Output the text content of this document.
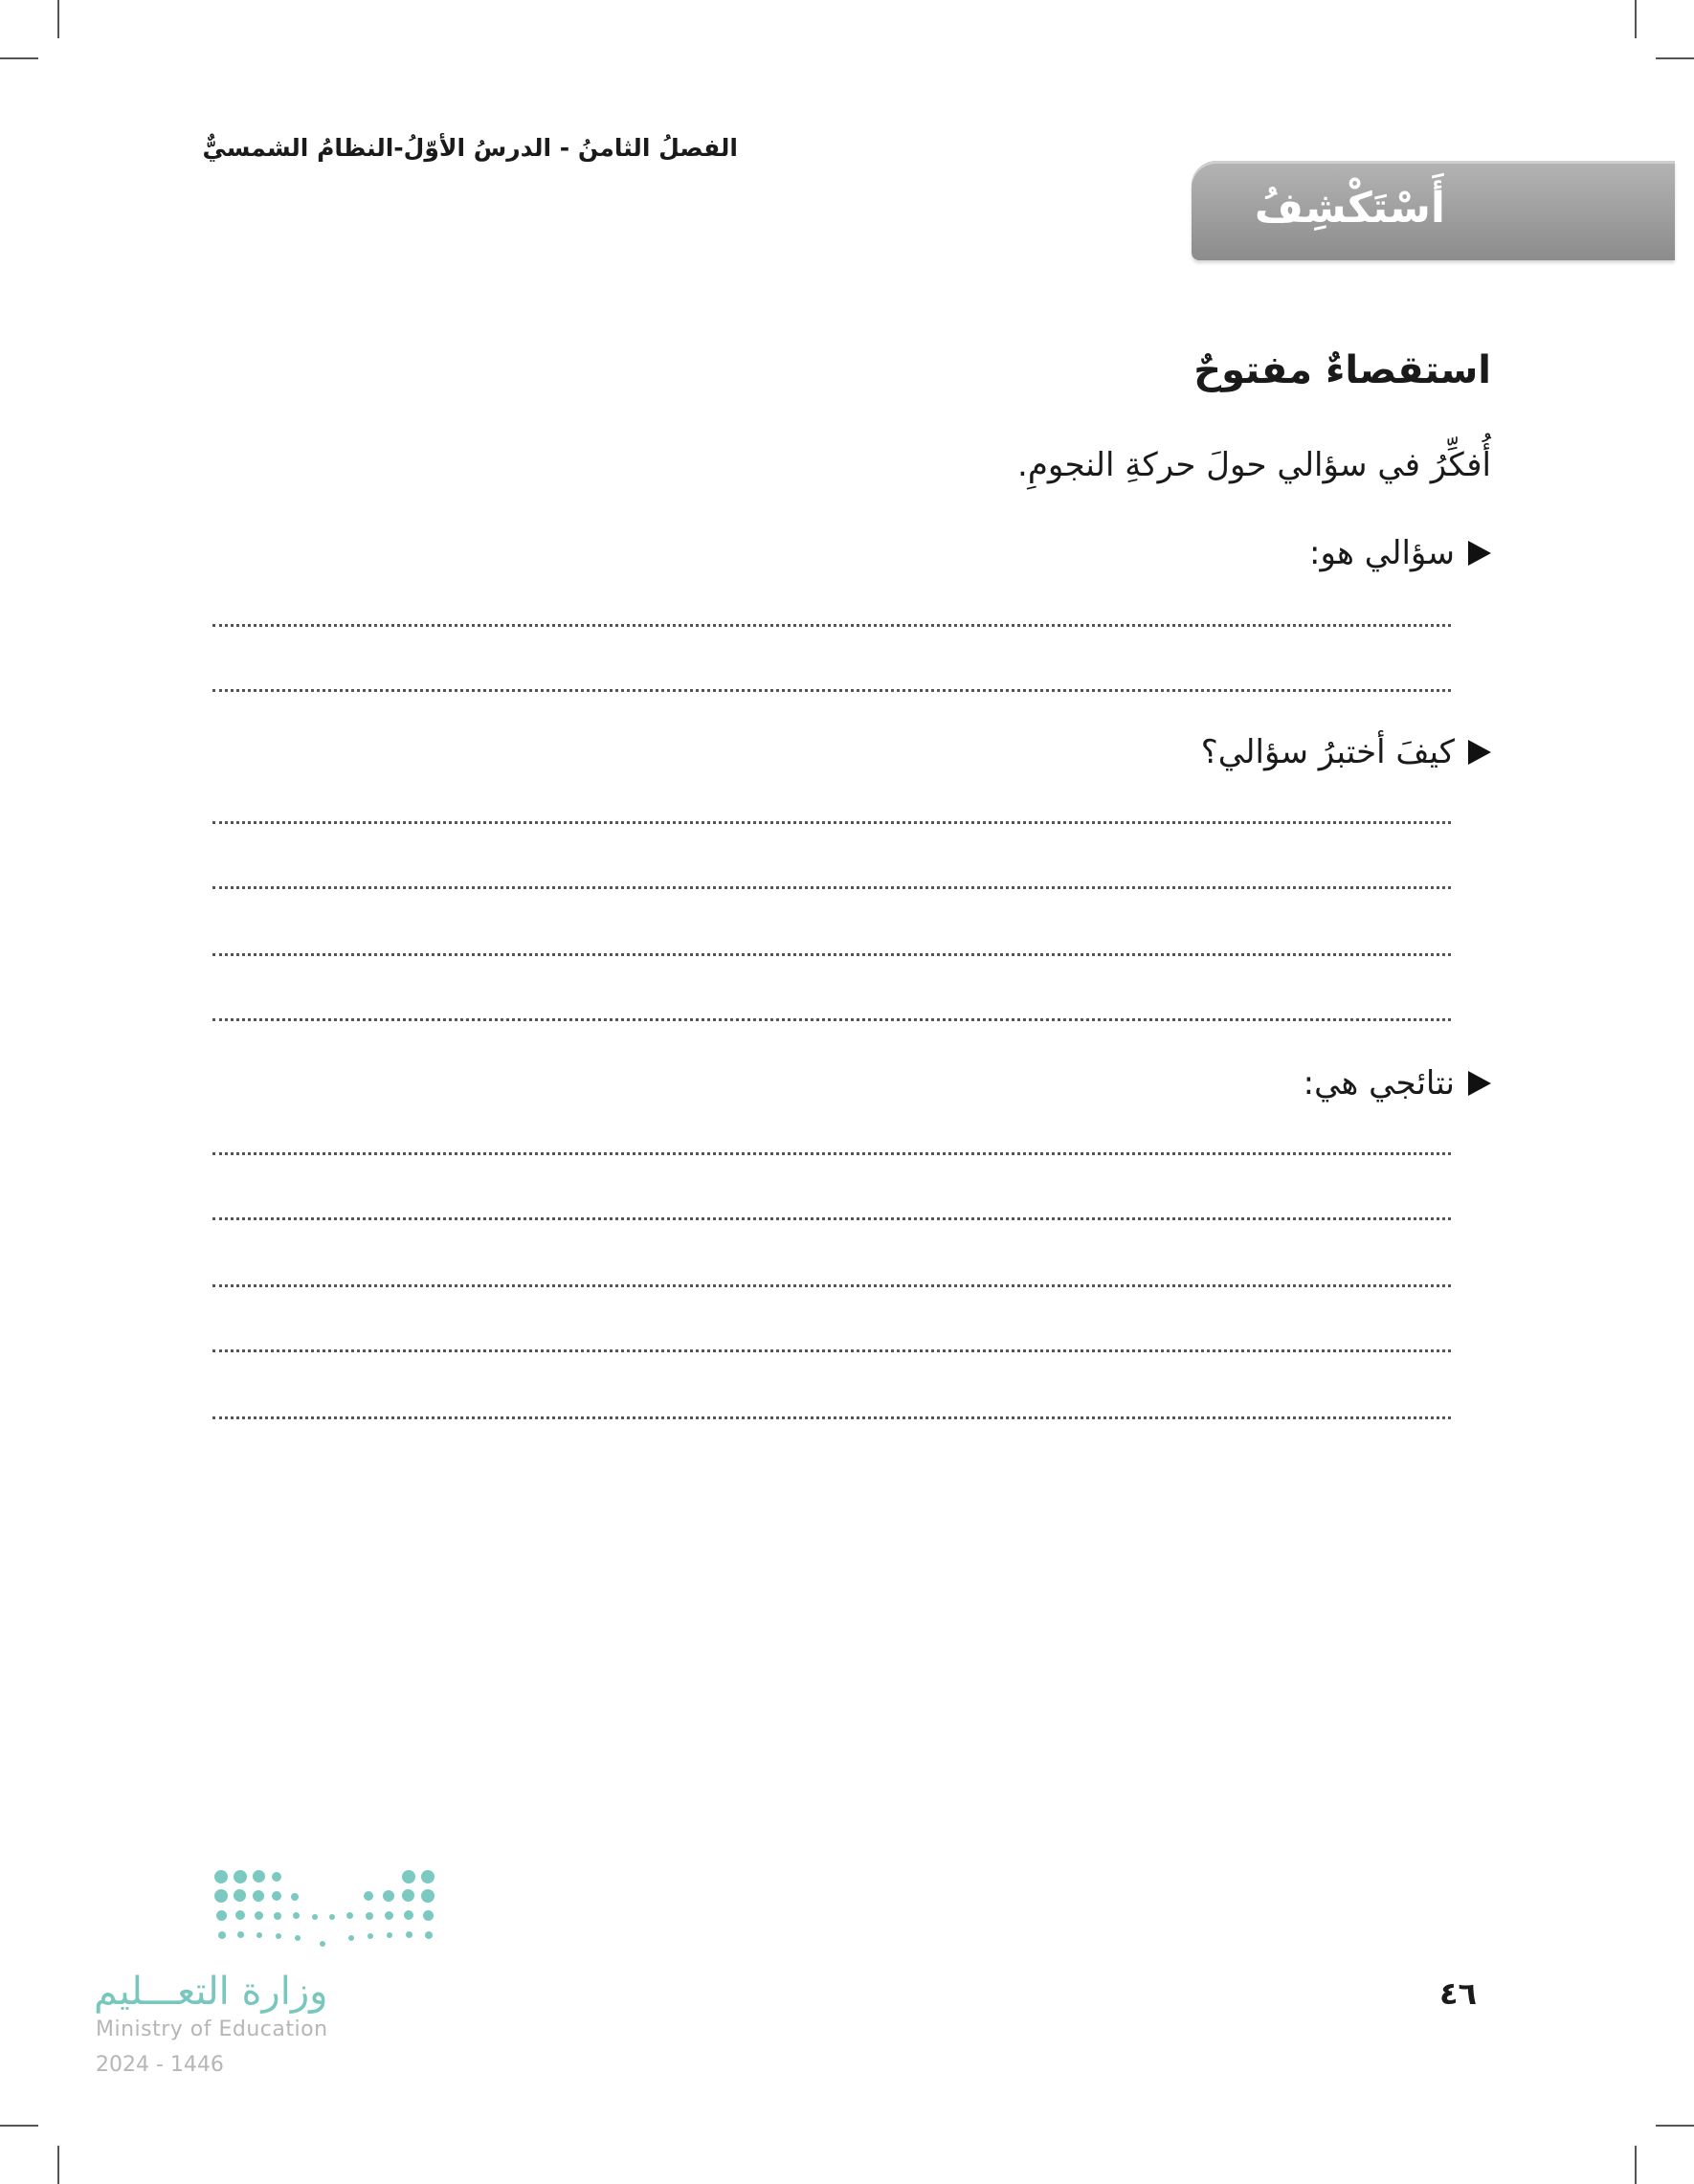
الفصلُ الثامنُ - الدرسُ الأوّلُ-النظامُ الشمسيٌّ
أَسْتَكْشِفُ
استقصاءٌ مفتوحٌ
أُفكِّرُ في سؤالي حولَ حركةِ النجومِ.
سؤالي هو:
كيفَ أختبرُ سؤالي؟
نتائجي هي:
وزارة التعـــليم
Ministry of Education
2024 - 1446
٤٦
